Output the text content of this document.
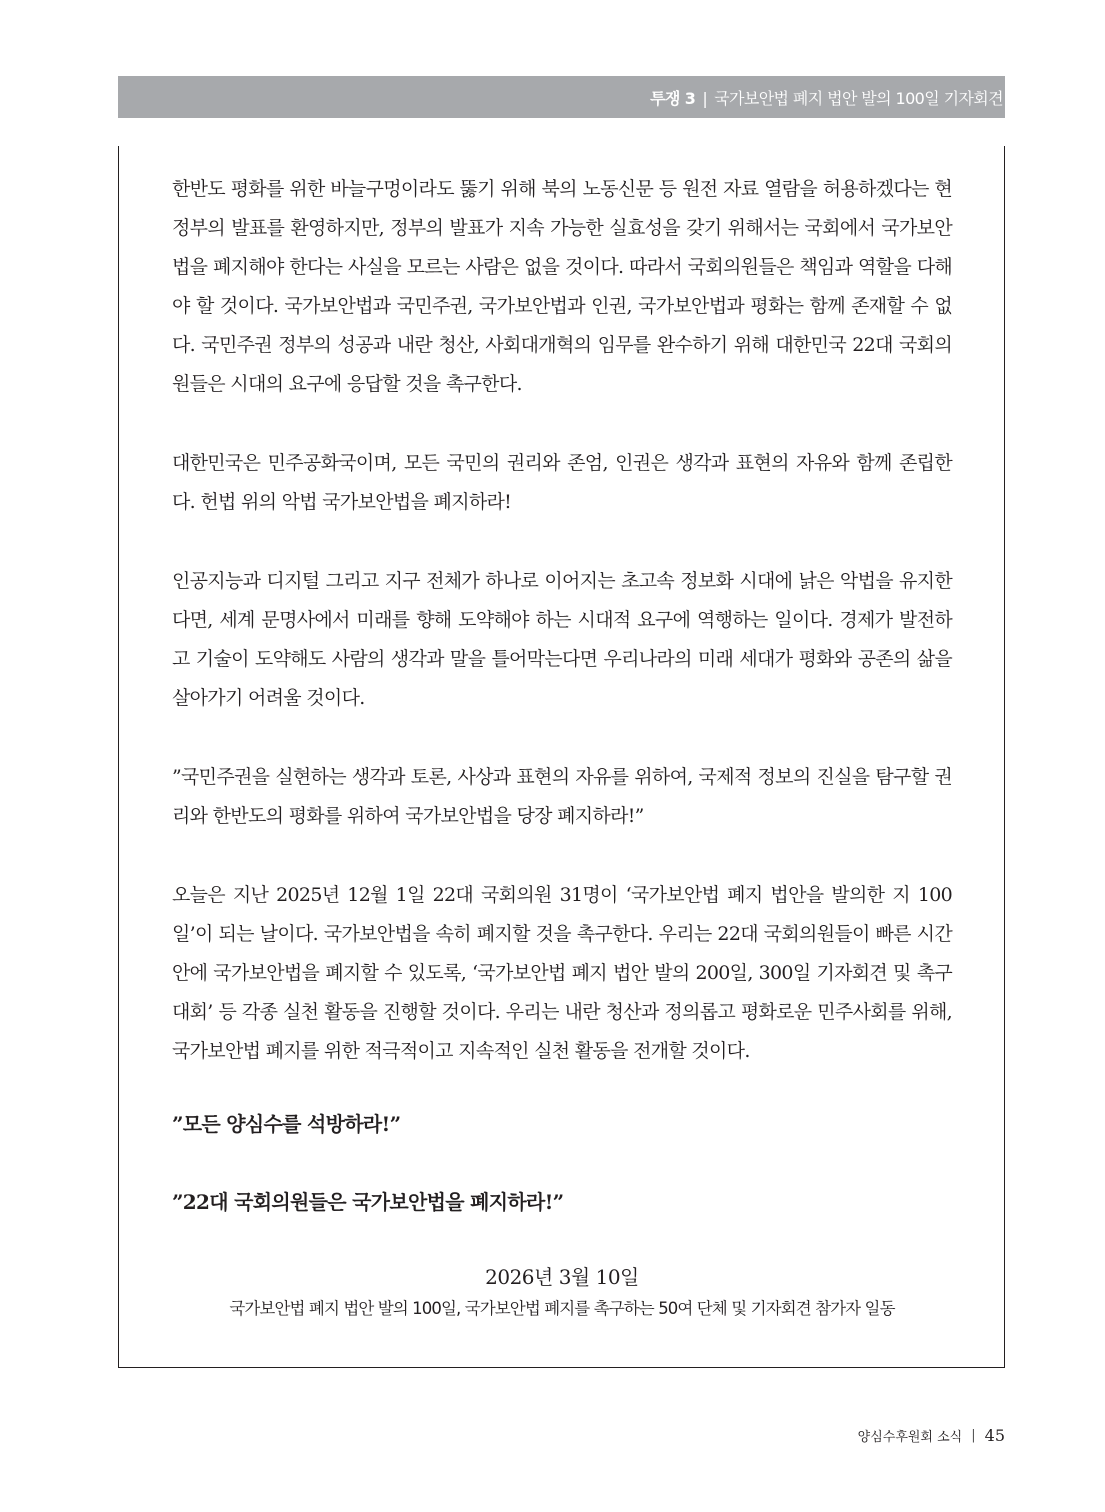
투쟁 3 | 국가보안법 폐지 법안 발의 100일 기자회견

한반도 평화를 위한 바늘구멍이라도 뚫기 위해 북의 노동신문 등 원전 자료 열람을 허용하겠다는 현 정부의 발표를 환영하지만, 정부의 발표가 지속 가능한 실효성을 갖기 위해서는 국회에서 국가보안법을 폐지해야 한다는 사실을 모르는 사람은 없을 것이다. 따라서 국회의원들은 책임과 역할을 다해야 할 것이다. 국가보안법과 국민주권, 국가보안법과 인권, 국가보안법과 평화는 함께 존재할 수 없다. 국민주권 정부의 성공과 내란 청산, 사회대개혁의 임무를 완수하기 위해 대한민국 22대 국회의원들은 시대의 요구에 응답할 것을 촉구한다.

대한민국은 민주공화국이며, 모든 국민의 권리와 존엄, 인권은 생각과 표현의 자유와 함께 존립한다. 헌법 위의 악법 국가보안법을 폐지하라!

인공지능과 디지털 그리고 지구 전체가 하나로 이어지는 초고속 정보화 시대에 낡은 악법을 유지한다면, 세계 문명사에서 미래를 향해 도약해야 하는 시대적 요구에 역행하는 일이다. 경제가 발전하고 기술이 도약해도 사람의 생각과 말을 틀어막는다면 우리나라의 미래 세대가 평화와 공존의 삶을 살아가기 어려울 것이다.

”국민주권을 실현하는 생각과 토론, 사상과 표현의 자유를 위하여, 국제적 정보의 진실을 탐구할 권리와 한반도의 평화를 위하여 국가보안법을 당장 폐지하라!”

오늘은 지난 2025년 12월 1일 22대 국회의원 31명이 ‘국가보안법 폐지 법안을 발의한 지 100일’이 되는 날이다. 국가보안법을 속히 폐지할 것을 촉구한다. 우리는 22대 국회의원들이 빠른 시간 안에 국가보안법을 폐지할 수 있도록, ‘국가보안법 폐지 법안 발의 200일, 300일 기자회견 및 촉구대회’ 등 각종 실천 활동을 진행할 것이다. 우리는 내란 청산과 정의롭고 평화로운 민주사회를 위해, 국가보안법 폐지를 위한 적극적이고 지속적인 실천 활동을 전개할 것이다.

”모든 양심수를 석방하라!”

”22대 국회의원들은 국가보안법을 폐지하라!”

2026년 3월 10일
국가보안법 폐지 법안 발의 100일, 국가보안법 폐지를 촉구하는 50여 단체 및 기자회견 참가자 일동
양심수후원회 소식 | 45
